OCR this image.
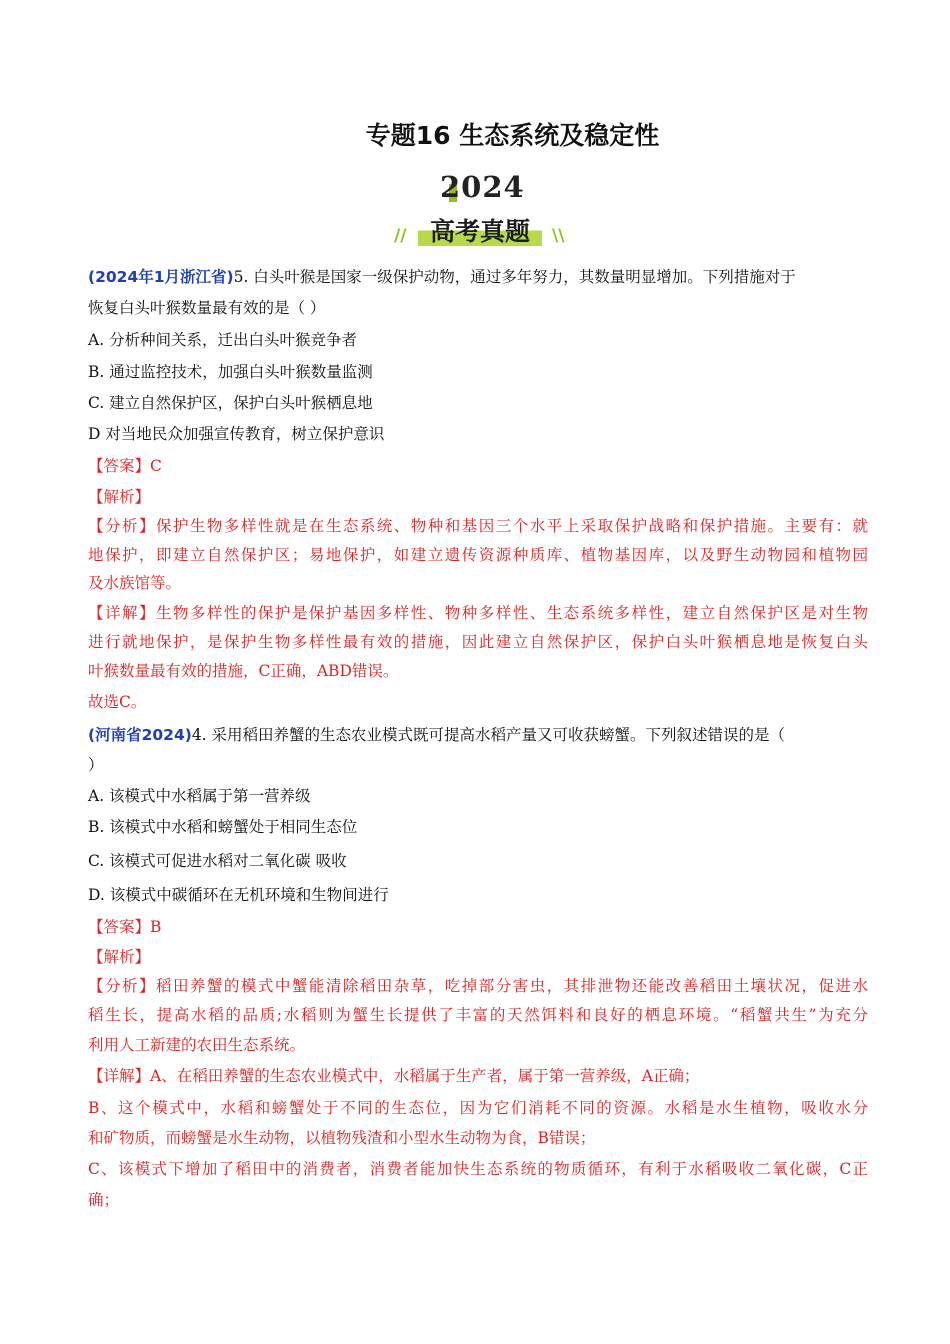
专题16 生态系统及稳定性
2024
高考真题
//	\\
(2024年1月浙江省)5. 白头叶猴是国家一级保护动物，通过多年努力，其数量明显增加。下列措施对于
恢复白头叶猴数量最有效的是（ ）
A. 分析种间关系，迁出白头叶猴竞争者
B. 通过监控技术，加强白头叶猴数量监测
C. 建立自然保护区，保护白头叶猴栖息地
D 对当地民众加强宣传教育，树立保护意识
【答案】C
【解析】
【分析】保护生物多样性就是在生态系统、物种和基因三个水平上采取保护战略和保护措施。主要有：就
地保护，即建立自然保护区；易地保护，如建立遗传资源种质库、植物基因库，以及野生动物园和植物园
及水族馆等。
【详解】生物多样性的保护是保护基因多样性、物种多样性、生态系统多样性，建立自然保护区是对生物
进行就地保护，是保护生物多样性最有效的措施，因此建立自然保护区，保护白头叶猴栖息地是恢复白头
叶猴数量最有效的措施，C正确，ABD错误。
故选C。
(河南省2024)4. 采用稻田养蟹的生态农业模式既可提高水稻产量又可收获螃蟹。下列叙述错误的是（
）
A. 该模式中水稻属于第一营养级
B. 该模式中水稻和螃蟹处于相同生态位
C. 该模式可促进水稻对二氧化碳 吸收
D. 该模式中碳循环在无机环境和生物间进行
【答案】B
【解析】
【分析】稻田养蟹的模式中蟹能清除稻田杂草，吃掉部分害虫，其排泄物还能改善稻田土壤状况，促进水
稻生长，提高水稻的品质;水稻则为蟹生长提供了丰富的天然饵料和良好的栖息环境。“稻蟹共生”为充分
利用人工新建的农田生态系统。
【详解】A、在稻田养蟹的生态农业模式中，水稻属于生产者，属于第一营养级，A正确；
B、这个模式中，水稻和螃蟹处于不同的生态位，因为它们消耗不同的资源。水稻是水生植物，吸收水分
和矿物质，而螃蟹是水生动物，以植物残渣和小型水生动物为食，B错误；
C、该模式下增加了稻田中的消费者，消费者能加快生态系统的物质循环，有利于水稻吸收二氧化碳，C正
确；
